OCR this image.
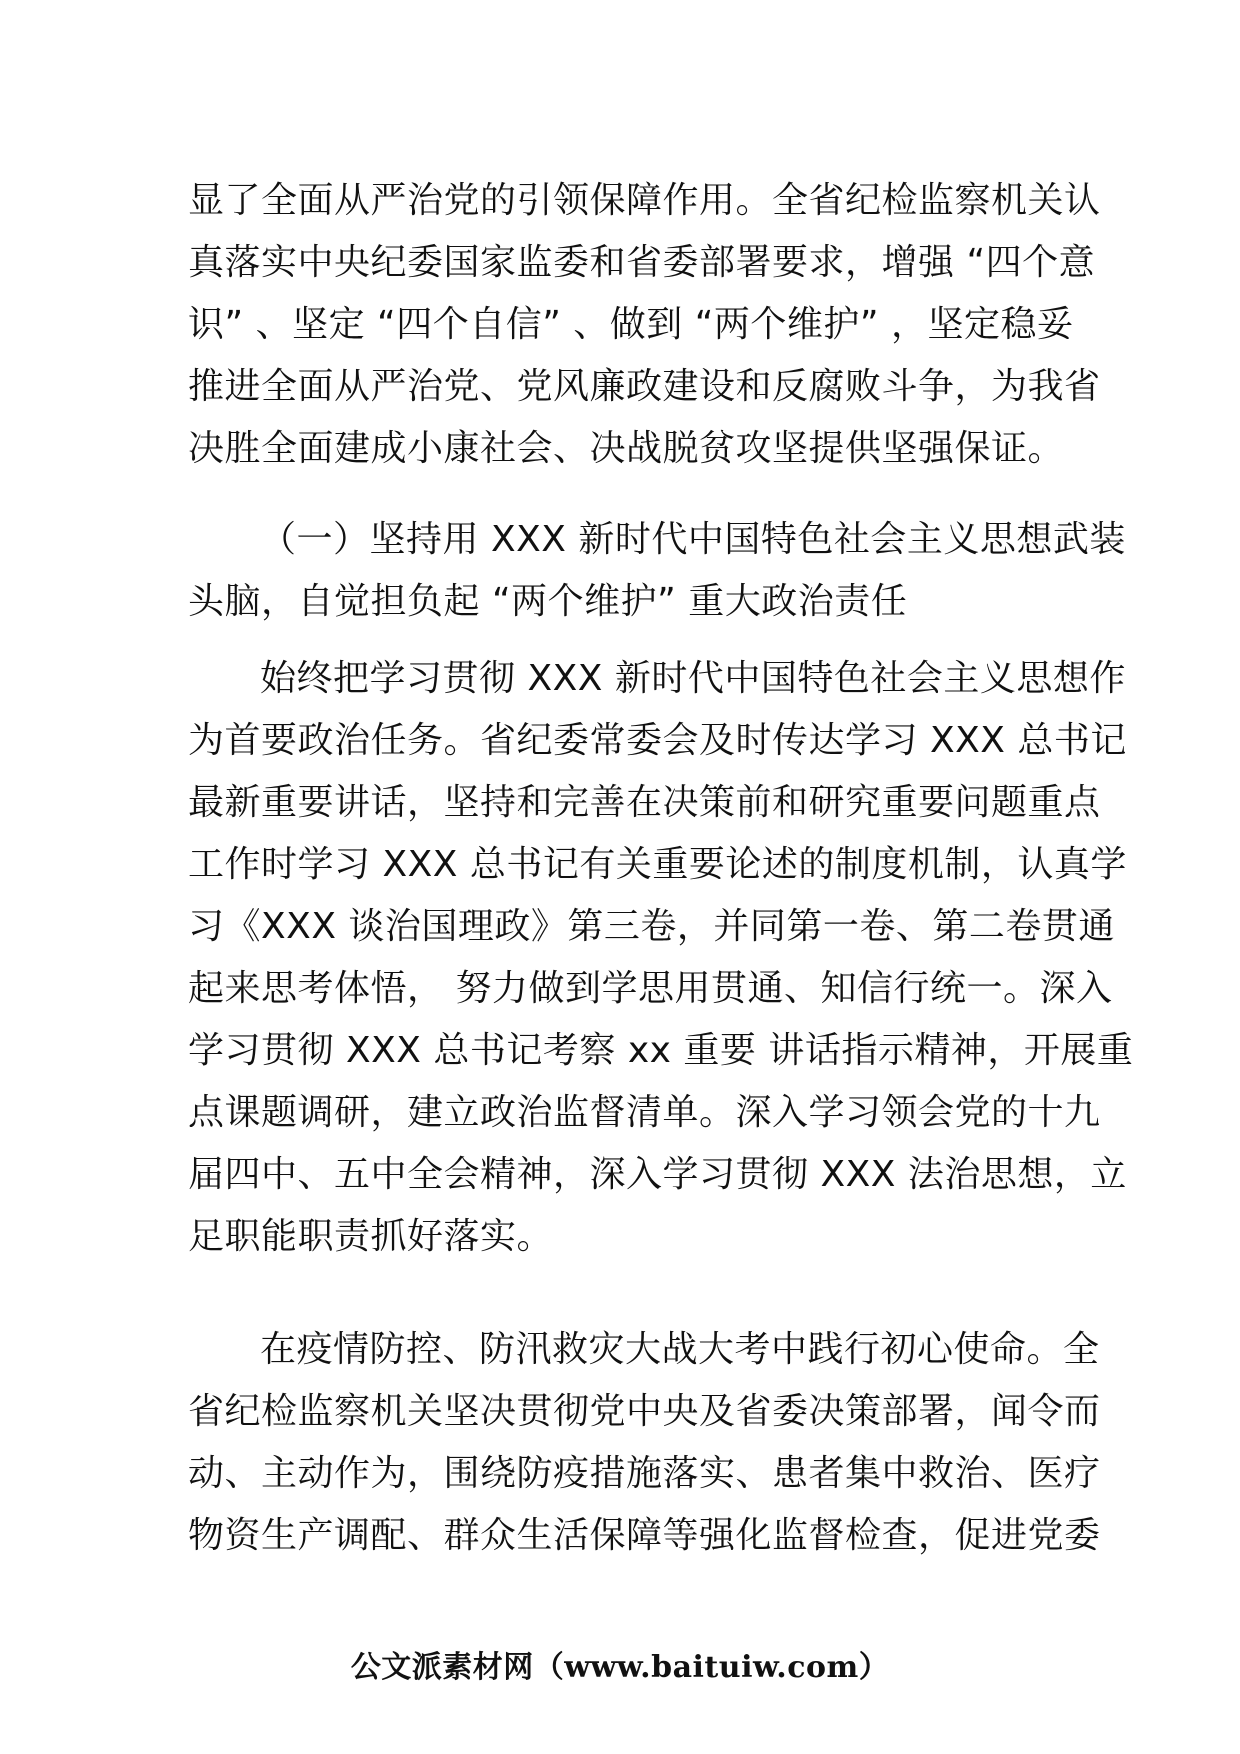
显了全面从严治党的引领保障作用。全省纪检监察机关认
真落实中央纪委国家监委和省委部署要求，增强 “四个意
识” 、坚定 “四个自信” 、做到 “两个维护” ，坚定稳妥
推进全面从严治党、党风廉政建设和反腐败斗争，为我省
决胜全面建成小康社会、决战脱贫攻坚提供坚强保证。
（一）坚持用 XXX 新时代中国特色社会主义思想武装
头脑，自觉担负起 “两个维护” 重大政治责任
始终把学习贯彻 XXX 新时代中国特色社会主义思想作
为首要政治任务。省纪委常委会及时传达学习 XXX 总书记
最新重要讲话，坚持和完善在决策前和研究重要问题重点
工作时学习 XXX 总书记有关重要论述的制度机制，认真学
习《XXX 谈治国理政》第三卷，并同第一卷、第二卷贯通
起来思考体悟， 努力做到学思用贯通、知信行统一。深入
学习贯彻 XXX 总书记考察 xx 重要 讲话指示精神，开展重
点课题调研，建立政治监督清单。深入学习领会党的十九
届四中、五中全会精神，深入学习贯彻 XXX 法治思想，立
足职能职责抓好落实。
在疫情防控、防汛救灾大战大考中践行初心使命。全
省纪检监察机关坚决贯彻党中央及省委决策部署，闻令而
动、主动作为，围绕防疫措施落实、患者集中救治、医疗
物资生产调配、群众生活保障等强化监督检查，促进党委
公文派素材网（www.baituiw.com）
